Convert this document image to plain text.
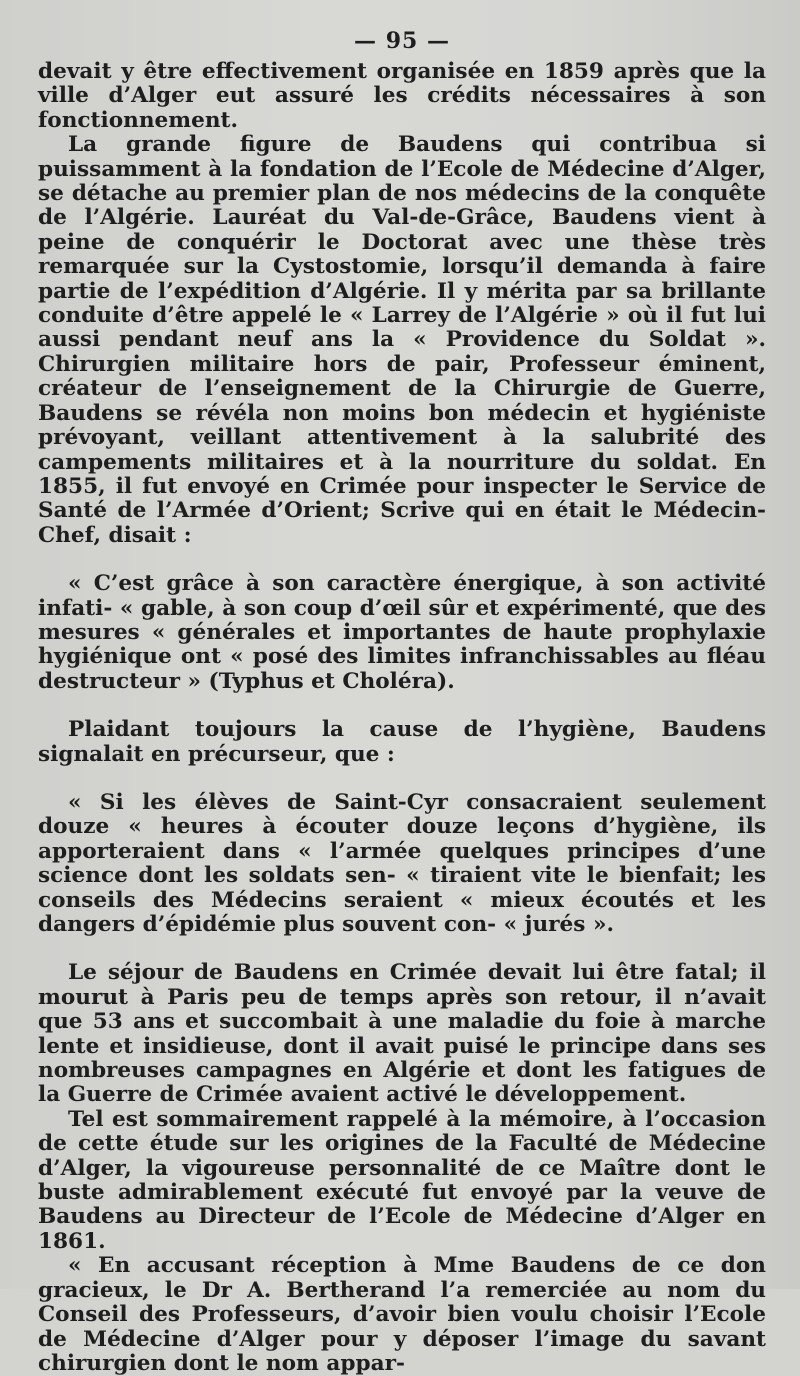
— 95 —

devait y être effectivement organisée en 1859 après que la ville d’Alger eut assuré les crédits nécessaires à son fonctionnement.

La grande figure de Baudens qui contribua si puissamment à la fondation de l’Ecole de Médecine d’Alger, se détache au premier plan de nos médecins de la conquête de l’Algérie. Lauréat du Val-de-Grâce, Baudens vient à peine de conquérir le Doctorat avec une thèse très remarquée sur la Cystostomie, lorsqu’il demanda à faire partie de l’expédition d’Algérie. Il y mérita par sa brillante conduite d’être appelé le « Larrey de l’Algérie » où il fut lui aussi pendant neuf ans la « Providence du Soldat ». Chirurgien militaire hors de pair, Professeur éminent, créateur de l’enseignement de la Chirurgie de Guerre, Baudens se révéla non moins bon médecin et hygiéniste prévoyant, veillant attentivement à la salubrité des campements militaires et à la nourriture du soldat. En 1855, il fut envoyé en Crimée pour inspecter le Service de Santé de l’Armée d’Orient; Scrive qui en était le Médecin-Chef, disait :

« C’est grâce à son caractère énergique, à son activité infati- « gable, à son coup d’œil sûr et expérimenté, que des mesures « générales et importantes de haute prophylaxie hygiénique ont « posé des limites infranchissables au fléau destructeur » (Typhus et Choléra).

Plaidant toujours la cause de l’hygiène, Baudens signalait en précurseur, que :

« Si les élèves de Saint-Cyr consacraient seulement douze « heures à écouter douze leçons d’hygiène, ils apporteraient dans « l’armée quelques principes d’une science dont les soldats sen- « tiraient vite le bienfait; les conseils des Médecins seraient « mieux écoutés et les dangers d’épidémie plus souvent con- « jurés ».

Le séjour de Baudens en Crimée devait lui être fatal; il mourut à Paris peu de temps après son retour, il n’avait que 53 ans et succombait à une maladie du foie à marche lente et insidieuse, dont il avait puisé le principe dans ses nombreuses campagnes en Algérie et dont les fatigues de la Guerre de Crimée avaient activé le développement.

Tel est sommairement rappelé à la mémoire, à l’occasion de cette étude sur les origines de la Faculté de Médecine d’Alger, la vigoureuse personnalité de ce Maître dont le buste admirablement exécuté fut envoyé par la veuve de Baudens au Directeur de l’Ecole de Médecine d’Alger en 1861.

« En accusant réception à Mme Baudens de ce don gracieux, le Dr A. Bertherand l’a remerciée au nom du Conseil des Professeurs, d’avoir bien voulu choisir l’Ecole de Médecine d’Alger pour y déposer l’image du savant chirurgien dont le nom appar-
